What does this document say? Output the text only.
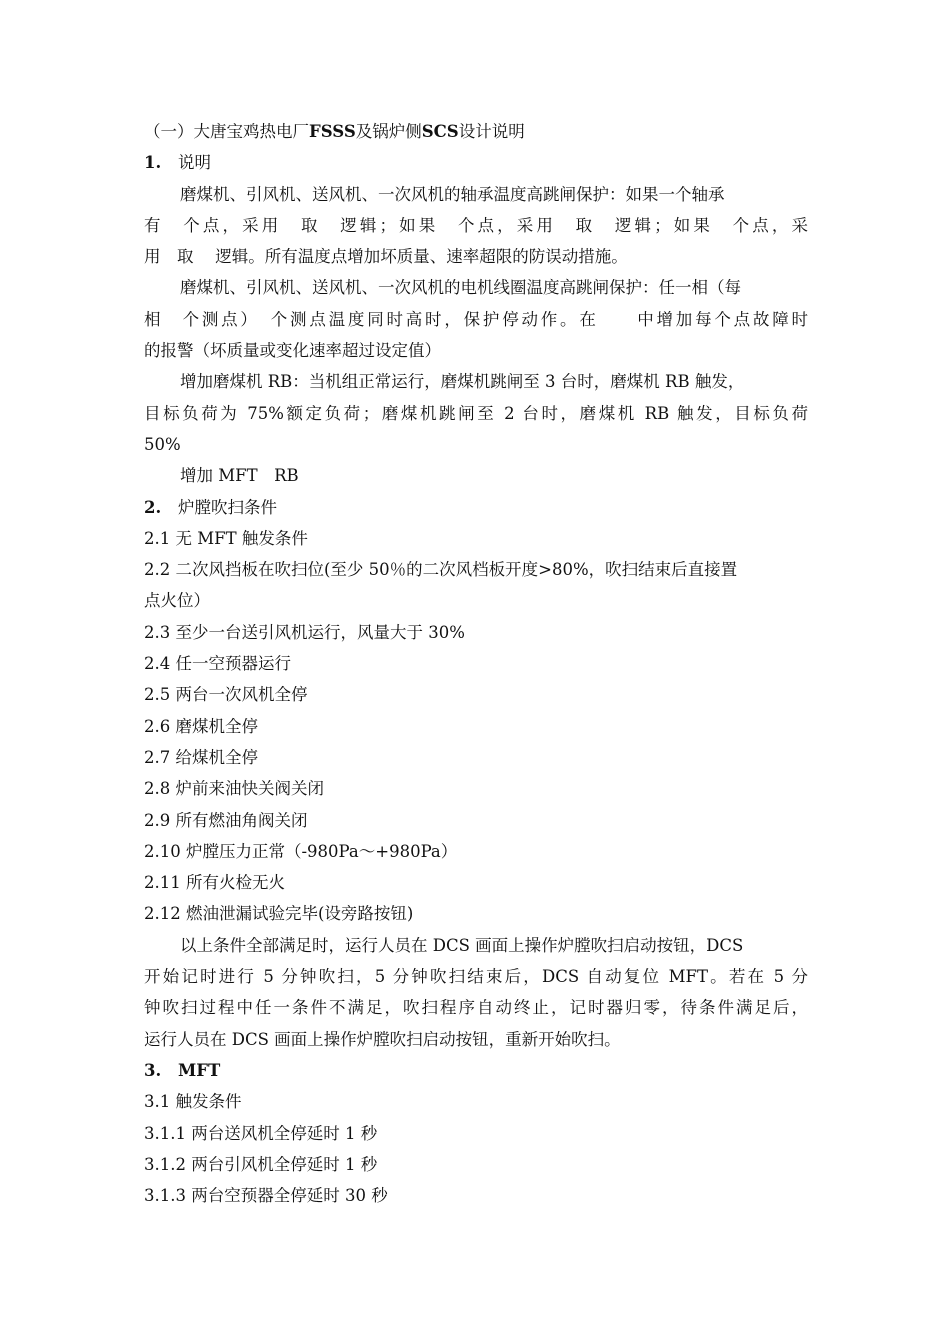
（一）大唐宝鸡热电厂FSSS及锅炉侧SCS设计说明
1. 说明
磨煤机、引风机、送风机、一次风机的轴承温度高跳闸保护：如果一个轴承
有　个点，采用　取　逻辑；如果　个点，采用　取　逻辑；如果　个点，采
用　取　 逻辑。所有温度点增加坏质量、速率超限的防误动措施。
磨煤机、引风机、送风机、一次风机的电机线圈温度高跳闸保护：任一相（每
相　个测点）　个测点温度同时高时，保护停动作。在　　中增加每个点故障时
的报警（坏质量或变化速率超过设定值）
增加磨煤机 RB：当机组正常运行，磨煤机跳闸至 3 台时，磨煤机 RB 触发，
目标负荷为 75%额定负荷；磨煤机跳闸至 2 台时，磨煤机 RB 触发，目标负荷
50%
增加 MFT　RB
2. 炉膛吹扫条件
2.1 无 MFT 触发条件
2.2 二次风挡板在吹扫位(至少 50％的二次风档板开度>80%，吹扫结束后直接置
点火位）
2.3 至少一台送引风机运行，风量大于 30%
2.4 任一空预器运行
2.5 两台一次风机全停
2.6 磨煤机全停
2.7 给煤机全停
2.8 炉前来油快关阀关闭
2.9 所有燃油角阀关闭
2.10 炉膛压力正常（-980Pa～+980Pa）
2.11 所有火检无火
2.12 燃油泄漏试验完毕(设旁路按钮)
以上条件全部满足时，运行人员在 DCS 画面上操作炉膛吹扫启动按钮，DCS
开始记时进行 5 分钟吹扫，5 分钟吹扫结束后，DCS 自动复位 MFT。若在 5 分
钟吹扫过程中任一条件不满足，吹扫程序自动终止，记时器归零，待条件满足后，
运行人员在 DCS 画面上操作炉膛吹扫启动按钮，重新开始吹扫。
3. MFT
3.1 触发条件
3.1.1 两台送风机全停延时 1 秒
3.1.2 两台引风机全停延时 1 秒
3.1.3 两台空预器全停延时 30 秒
